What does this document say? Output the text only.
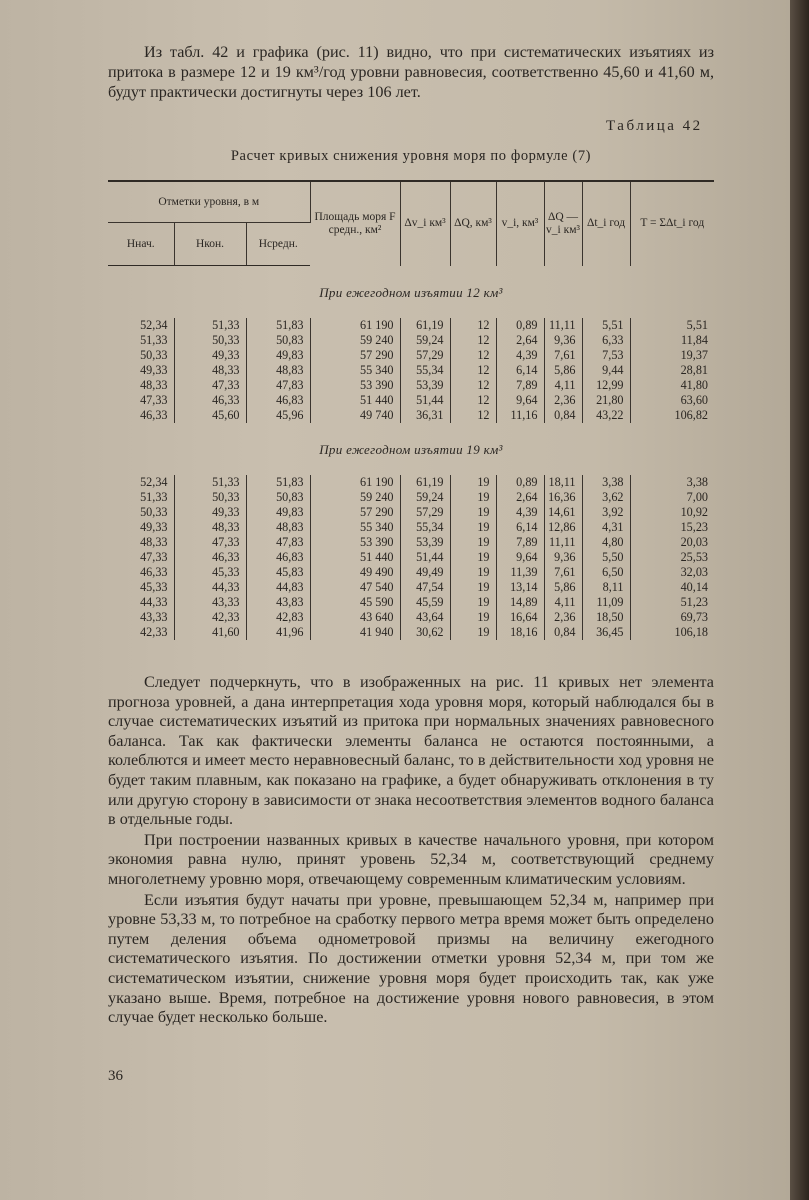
Из табл. 42 и графика (рис. 11) видно, что при систематических изъятиях из притока в размере 12 и 19 км³/год уровни равновесия, соответственно 45,60 и 41,60 м, будут практически достигнуты через 106 лет.

Таблица 42
Расчет кривых снижения уровня моря по формуле (7)
Отметки уровня, в м			Площадь моря F средн., км²	Δv_i км³	ΔQ, км³	v_i, км³	ΔQ — v_i км³	Δt_i год	T = ΣΔt_i год
Hнач.	Hкон.	Hсредн.							
При ежегодном изъятии 12 км³									
52,34	51,33	51,83	61 190	61,19	12	0,89	11,11	5,51	5,51
51,33	50,33	50,83	59 240	59,24	12	2,64	9,36	6,33	11,84
50,33	49,33	49,83	57 290	57,29	12	4,39	7,61	7,53	19,37
49,33	48,33	48,83	55 340	55,34	12	6,14	5,86	9,44	28,81
48,33	47,33	47,83	53 390	53,39	12	7,89	4,11	12,99	41,80
47,33	46,33	46,83	51 440	51,44	12	9,64	2,36	21,80	63,60
46,33	45,60	45,96	49 740	36,31	12	11,16	0,84	43,22	106,82
При ежегодном изъятии 19 км³									
52,34	51,33	51,83	61 190	61,19	19	0,89	18,11	3,38	3,38
51,33	50,33	50,83	59 240	59,24	19	2,64	16,36	3,62	7,00
50,33	49,33	49,83	57 290	57,29	19	4,39	14,61	3,92	10,92
49,33	48,33	48,83	55 340	55,34	19	6,14	12,86	4,31	15,23
48,33	47,33	47,83	53 390	53,39	19	7,89	11,11	4,80	20,03
47,33	46,33	46,83	51 440	51,44	19	9,64	9,36	5,50	25,53
46,33	45,33	45,83	49 490	49,49	19	11,39	7,61	6,50	32,03
45,33	44,33	44,83	47 540	47,54	19	13,14	5,86	8,11	40,14
44,33	43,33	43,83	45 590	45,59	19	14,89	4,11	11,09	51,23
43,33	42,33	42,83	43 640	43,64	19	16,64	2,36	18,50	69,73
42,33	41,60	41,96	41 940	30,62	19	18,16	0,84	36,45	106,18

Следует подчеркнуть, что в изображенных на рис. 11 кривых нет элемента прогноза уровней, а дана интерпретация хода уровня моря, который наблюдался бы в случае систематических изъятий из притока при нормальных значениях равновесного баланса. Так как фактически элементы баланса не остаются постоянными, а колеблются и имеет место неравновесный баланс, то в действительности ход уровня не будет таким плавным, как показано на графике, а будет обнаруживать отклонения в ту или другую сторону в зависимости от знака несоответствия элементов водного баланса в отдельные годы.

При построении названных кривых в качестве начального уровня, при котором экономия равна нулю, принят уровень 52,34 м, соответствующий среднему многолетнему уровню моря, отвечающему современным климатическим условиям.

Если изъятия будут начаты при уровне, превышающем 52,34 м, например при уровне 53,33 м, то потребное на сработку первого метра время может быть определено путем деления объема однометровой призмы на величину ежегодного систематического изъятия. По достижении отметки уровня 52,34 м, при том же систематическом изъятии, снижение уровня моря будет происходить так, как уже указано выше. Время, потребное на достижение уровня нового равновесия, в этом случае будет несколько больше.

36
